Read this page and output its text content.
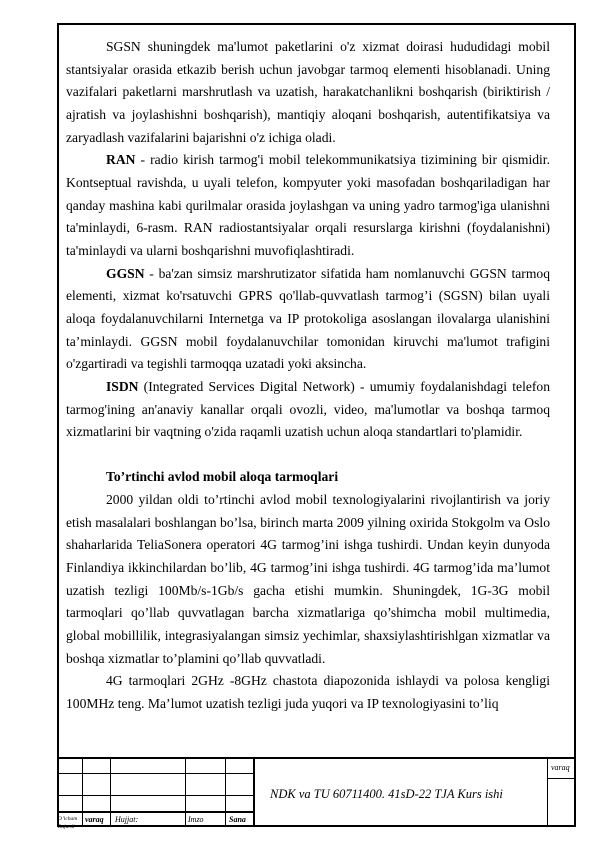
SGSN shuningdek ma'lumot paketlarini o'z xizmat doirasi hududidagi mobil stantsiyalar orasida etkazib berish uchun javobgar tarmoq elementi hisoblanadi. Uning vazifalari paketlarni marshrutlash va uzatish, harakatchanlikni boshqarish (biriktirish / ajratish va joylashishni boshqarish), mantiqiy aloqani boshqarish, autentifikatsiya va zaryadlash vazifalarini bajarishni o'z ichiga oladi.

RAN - radio kirish tarmog'i mobil telekommunikatsiya tizimining bir qismidir. Kontseptual ravishda, u uyali telefon, kompyuter yoki masofadan boshqariladigan har qanday mashina kabi qurilmalar orasida joylashgan va uning yadro tarmog'iga ulanishni ta'minlaydi, 6-rasm. RAN radiostantsiyalar orqali resurslarga kirishni (foydalanishni) ta'minlaydi va ularni boshqarishni muvofiqlashtiradi.

GGSN - ba'zan simsiz marshrutizator sifatida ham nomlanuvchi GGSN tarmoq elementi, xizmat ko'rsatuvchi GPRS qo'llab-quvvatlash tarmog’i (SGSN) bilan uyali aloqa foydalanuvchilarni Internetga va IP protokoliga asoslangan ilovalarga ulanishini ta’minlaydi. GGSN mobil foydalanuvchilar tomonidan kiruvchi ma'lumot trafigini o'zgartiradi va tegishli tarmoqqa uzatadi yoki aksincha.

ISDN (Integrated Services Digital Network) - umumiy foydalanishdagi telefon tarmog'ining an'anaviy kanallar orqali ovozli, video, ma'lumotlar va boshqa tarmoq xizmatlarini bir vaqtning o'zida raqamli uzatish uchun aloqa standartlari to'plamidir.

To’rtinchi avlod mobil aloqa tarmoqlari

2000 yildan oldi to’rtinchi avlod mobil texnologiyalarini rivojlantirish va joriy etish masalalari boshlangan bo’lsa, birinch marta 2009 yilning oxirida Stokgolm va Oslo shaharlarida TeliaSonera operatori 4G tarmog’ini ishga tushirdi. Undan keyin dunyoda Finlandiya ikkinchilardan bo’lib, 4G tarmog’ini ishga tushirdi. 4G tarmog’ida ma’lumot uzatish tezligi 100Mb/s-1Gb/s gacha etishi mumkin. Shuningdek, 1G-3G mobil tarmoqlari qo’llab quvvatlagan barcha xizmatlariga qo’shimcha mobil multimedia, global mobillilik, integrasiyalangan simsiz yechimlar, shaxsiylashtirishlgan xizmatlar va boshqa xizmatlar to’plamini qo’llab quvvatladi.

4G tarmoqlari 2GHz -8GHz chastota diapozonida ishlaydi va polosa kengligi 100MHz teng. Ma’lumot uzatish tezligi juda yuqori va IP texnologiyasini to’liq

varaq
NDK va TU 60711400. 41sD-22 TJA Kurs ishi
O’lcham varaq Hujjat:	Imzo	Sana
Bajardi
